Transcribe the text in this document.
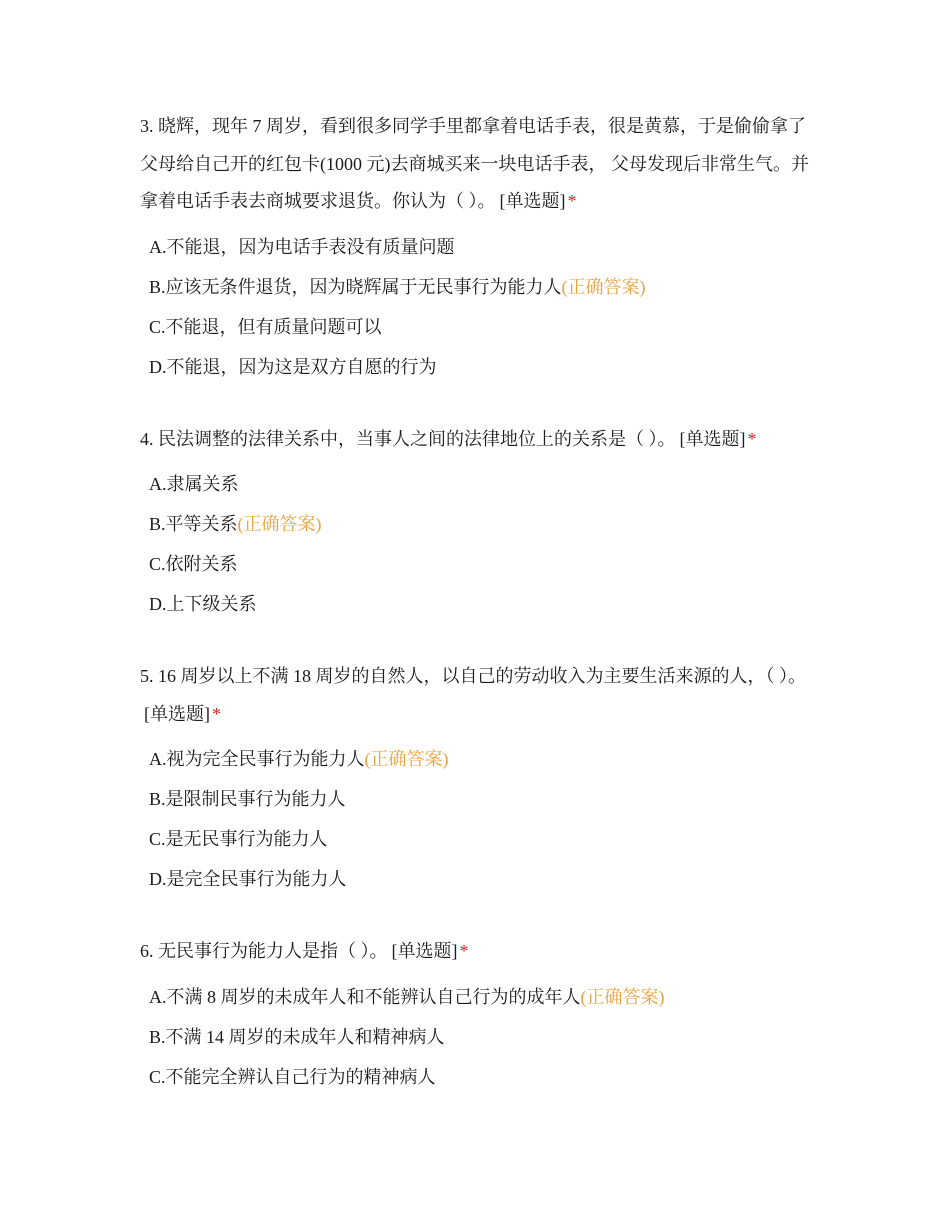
3. 晓辉，现年 7 周岁，看到很多同学手里都拿着电话手表，很是黄慕，于是偷偷拿了父母给自己开的红包卡(1000 元)去商城买来一块电话手表， 父母发现后非常生气。并拿着电话手表去商城要求退货。你认为（ ）。 [单选题] *

A.不能退，因为电话手表没有质量问题
B.应该无条件退货，因为晓辉属于无民事行为能力人(正确答案)
C.不能退，但有质量问题可以
D.不能退，因为这是双方自愿的行为

4. 民法调整的法律关系中，当事人之间的法律地位上的关系是（ ）。 [单选题] *

A.隶属关系
B.平等关系(正确答案)
C.依附关系
D.上下级关系

5. 16 周岁以上不满 18 周岁的自然人，以自己的劳动收入为主要生活来源的人，（ ）。[单选题] *

A.视为完全民事行为能力人(正确答案)
B.是限制民事行为能力人
C.是无民事行为能力人
D.是完全民事行为能力人

6. 无民事行为能力人是指（ ）。 [单选题] *

A.不满 8 周岁的未成年人和不能辨认自己行为的成年人(正确答案)
B.不满 14 周岁的未成年人和精神病人
C.不能完全辨认自己行为的精神病人
